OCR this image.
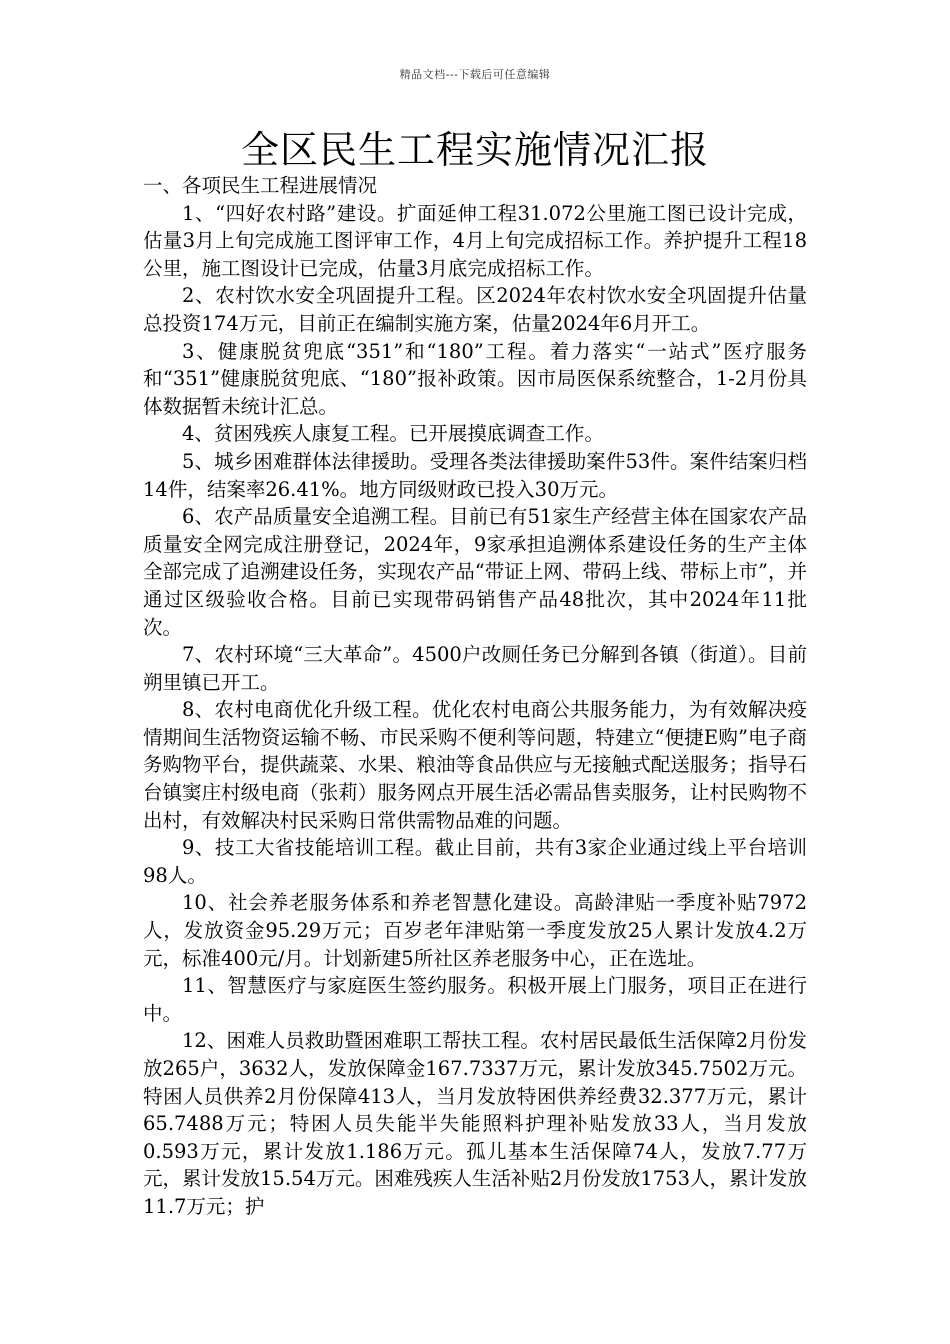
精品文档---下载后可任意编辑
全区民生工程实施情况汇报

一、各项民生工程进展情况

1、“四好农村路”建设。扩面延伸工程31.072公里施工图已设计完成，估量3月上旬完成施工图评审工作，4月上旬完成招标工作。养护提升工程18公里，施工图设计已完成，估量3月底完成招标工作。

2、农村饮水安全巩固提升工程。区2024年农村饮水安全巩固提升估量总投资174万元，目前正在编制实施方案，估量2024年6月开工。

3、健康脱贫兜底“351”和“180”工程。着力落实“一站式”医疗服务和“351”健康脱贫兜底、“180”报补政策。因市局医保系统整合，1-2月份具体数据暂未统计汇总。

4、贫困残疾人康复工程。已开展摸底调查工作。

5、城乡困难群体法律援助。受理各类法律援助案件53件。案件结案归档14件，结案率26.41%。地方同级财政已投入30万元。

6、农产品质量安全追溯工程。目前已有51家生产经营主体在国家农产品质量安全网完成注册登记，2024年，9家承担追溯体系建设任务的生产主体全部完成了追溯建设任务，实现农产品“带证上网、带码上线、带标上市”，并通过区级验收合格。目前已实现带码销售产品48批次，其中2024年11批次。

7、农村环境“三大革命”。4500户改厕任务已分解到各镇（街道）。目前朔里镇已开工。

8、农村电商优化升级工程。优化农村电商公共服务能力，为有效解决疫情期间生活物资运输不畅、市民采购不便利等问题，特建立“便捷E购”电子商务购物平台，提供蔬菜、水果、粮油等食品供应与无接触式配送服务；指导石台镇窦庄村级电商（张莉）服务网点开展生活必需品售卖服务，让村民购物不出村，有效解决村民采购日常供需物品难的问题。

9、技工大省技能培训工程。截止目前，共有3家企业通过线上平台培训98人。

10、社会养老服务体系和养老智慧化建设。高龄津贴一季度补贴7972人，发放资金95.29万元；百岁老年津贴第一季度发放25人累计发放4.2万元，标准400元/月。计划新建5所社区养老服务中心，正在选址。

11、智慧医疗与家庭医生签约服务。积极开展上门服务，项目正在进行中。

12、困难人员救助暨困难职工帮扶工程。农村居民最低生活保障2月份发放265户，3632人，发放保障金167.7337万元，累计发放345.7502万元。特困人员供养2月份保障413人，当月发放特困供养经费32.377万元，累计65.7488万元；特困人员失能半失能照料护理补贴发放33人，当月发放0.593万元，累计发放1.186万元。孤儿基本生活保障74人，发放7.77万元，累计发放15.54万元。困难残疾人生活补贴2月份发放1753人，累计发放11.7万元；护
